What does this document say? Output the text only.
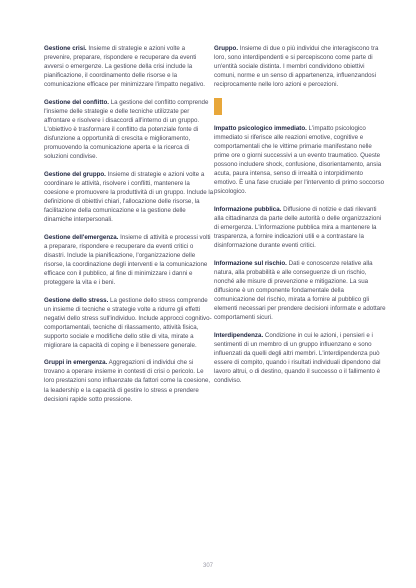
Gestione crisi. Insieme di strategie e azioni volte a prevenire, preparare, rispondere e recuperare da eventi avversi o emergenze. La gestione della crisi include la pianificazione, il coordinamento delle risorse e la comunicazione efficace per minimizzare l'impatto negativo.

Gestione del conflitto. La gestione del conflitto comprende l'insieme delle strategie e delle tecniche utilizzate per affrontare e risolvere i disaccordi all'interno di un gruppo. L'obiettivo è trasformare il conflitto da potenziale fonte di disfunzione a opportunità di crescita e miglioramento, promuovendo la comunicazione aperta e la ricerca di soluzioni condivise.

Gestione del gruppo. Insieme di strategie e azioni volte a coordinare le attività, risolvere i conflitti, mantenere la coesione e promuovere la produttività di un gruppo. Include la definizione di obiettivi chiari, l'allocazione delle risorse, la facilitazione della comunicazione e la gestione delle dinamiche interpersonali.

Gestione dell'emergenza. Insieme di attività e processi volti a preparare, rispondere e recuperare da eventi critici o disastri. Include la pianificazione, l'organizzazione delle risorse, la coordinazione degli interventi e la comunicazione efficace con il pubblico, al fine di minimizzare i danni e proteggere la vita e i beni.

Gestione dello stress. La gestione dello stress comprende un insieme di tecniche e strategie volte a ridurre gli effetti negativi dello stress sull'individuo. Include approcci cognitivo-comportamentali, tecniche di rilassamento, attività fisica, supporto sociale e modifiche dello stile di vita, mirate a migliorare la capacità di coping e il benessere generale.

Gruppi in emergenza. Aggregazioni di individui che si trovano a operare insieme in contesti di crisi o pericolo. Le loro prestazioni sono influenzate da fattori come la coesione, la leadership e la capacità di gestire lo stress e prendere decisioni rapide sotto pressione.

Gruppo. Insieme di due o più individui che interagiscono tra loro, sono interdipendenti e si percepiscono come parte di un'entità sociale distinta. I membri condividono obiettivi comuni, norme e un senso di appartenenza, influenzandosi reciprocamente nelle loro azioni e percezioni.

Impatto psicologico immediato. L'impatto psicologico immediato si riferisce alle reazioni emotive, cognitive e comportamentali che le vittime primarie manifestano nelle prime ore o giorni successivi a un evento traumatico. Queste possono includere shock, confusione, disorientamento, ansia acuta, paura intensa, senso di irrealtà o intorpidimento emotivo. È una fase cruciale per l'intervento di primo soccorso psicologico.

Informazione pubblica. Diffusione di notizie e dati rilevanti alla cittadinanza da parte delle autorità o delle organizzazioni di emergenza. L'informazione pubblica mira a mantenere la trasparenza, a fornire indicazioni utili e a contrastare la disinformazione durante eventi critici.

Informazione sul rischio. Dati e conoscenze relative alla natura, alla probabilità e alle conseguenze di un rischio, nonché alle misure di prevenzione e mitigazione. La sua diffusione è un componente fondamentale della comunicazione del rischio, mirata a fornire al pubblico gli elementi necessari per prendere decisioni informate e adottare comportamenti sicuri.

Interdipendenza. Condizione in cui le azioni, i pensieri e i sentimenti di un membro di un gruppo influenzano e sono influenzati da quelli degli altri membri. L'interdipendenza può essere di compito, quando i risultati individuali dipendono dal lavoro altrui, o di destino, quando il successo o il fallimento è condiviso.

307
